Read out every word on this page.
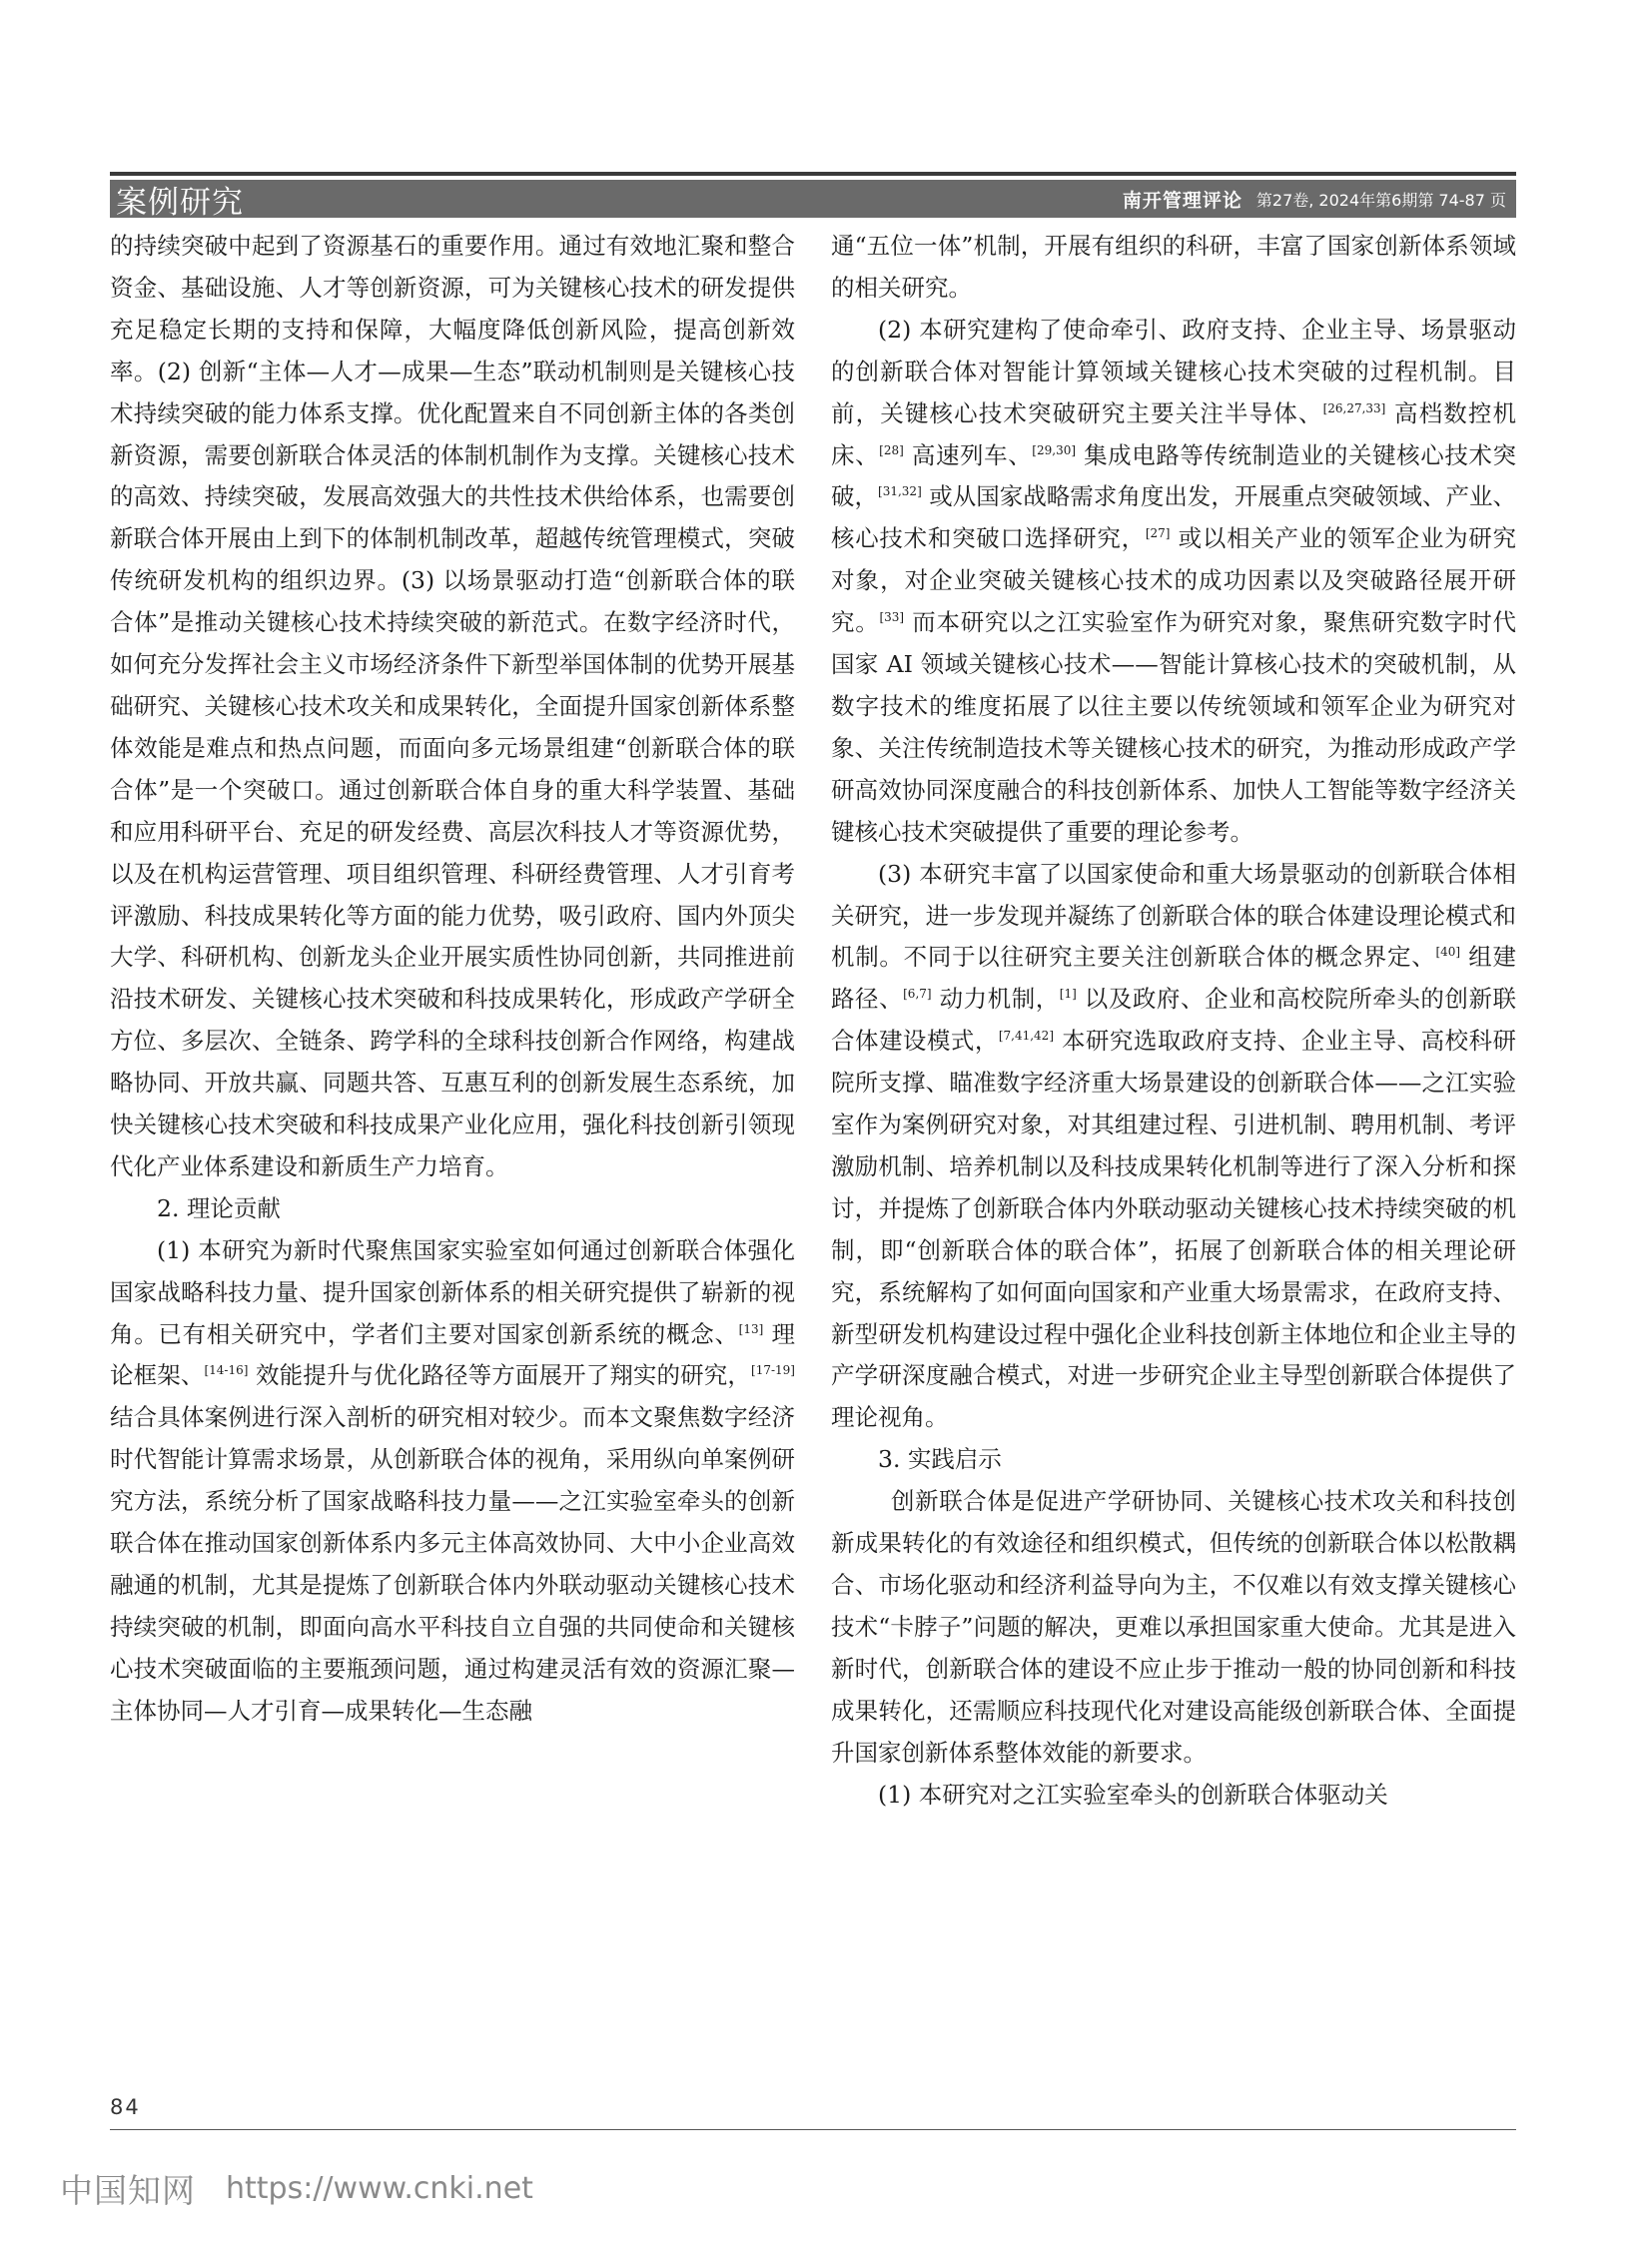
案例研究	南开管理评论 第27卷, 2024年第6期第 74-87 页

的持续突破中起到了资源基石的重要作用。通过有效地汇聚和整合资金、基础设施、人才等创新资源，可为关键核心技术的研发提供充足稳定长期的支持和保障，大幅度降低创新风险，提高创新效率。(2) 创新“主体—人才—成果—生态”联动机制则是关键核心技术持续突破的能力体系支撑。优化配置来自不同创新主体的各类创新资源，需要创新联合体灵活的体制机制作为支撑。关键核心技术的高效、持续突破，发展高效强大的共性技术供给体系，也需要创新联合体开展由上到下的体制机制改革，超越传统管理模式，突破传统研发机构的组织边界。(3) 以场景驱动打造“创新联合体的联合体”是推动关键核心技术持续突破的新范式。在数字经济时代，如何充分发挥社会主义市场经济条件下新型举国体制的优势开展基础研究、关键核心技术攻关和成果转化，全面提升国家创新体系整体效能是难点和热点问题，而面向多元场景组建“创新联合体的联合体”是一个突破口。通过创新联合体自身的重大科学装置、基础和应用科研平台、充足的研发经费、高层次科技人才等资源优势，以及在机构运营管理、项目组织管理、科研经费管理、人才引育考评激励、科技成果转化等方面的能力优势，吸引政府、国内外顶尖大学、科研机构、创新龙头企业开展实质性协同创新，共同推进前沿技术研发、关键核心技术突破和科技成果转化，形成政产学研全方位、多层次、全链条、跨学科的全球科技创新合作网络，构建战略协同、开放共赢、同题共答、互惠互利的创新发展生态系统，加快关键核心技术突破和科技成果产业化应用，强化科技创新引领现代化产业体系建设和新质生产力培育。

2. 理论贡献

(1) 本研究为新时代聚焦国家实验室如何通过创新联合体强化国家战略科技力量、提升国家创新体系的相关研究提供了崭新的视角。已有相关研究中，学者们主要对国家创新系统的概念、[13] 理论框架、[14-16] 效能提升与优化路径等方面展开了翔实的研究，[17-19] 结合具体案例进行深入剖析的研究相对较少。而本文聚焦数字经济时代智能计算需求场景，从创新联合体的视角，采用纵向单案例研究方法，系统分析了国家战略科技力量——之江实验室牵头的创新联合体在推动国家创新体系内多元主体高效协同、大中小企业高效融通的机制，尤其是提炼了创新联合体内外联动驱动关键核心技术持续突破的机制，即面向高水平科技自立自强的共同使命和关键核心技术突破面临的主要瓶颈问题，通过构建灵活有效的资源汇聚—主体协同—人才引育—成果转化—生态融

通“五位一体”机制，开展有组织的科研，丰富了国家创新体系领域的相关研究。

(2) 本研究建构了使命牵引、政府支持、企业主导、场景驱动的创新联合体对智能计算领域关键核心技术突破的过程机制。目前，关键核心技术突破研究主要关注半导体、[26,27,33] 高档数控机床、[28] 高速列车、[29,30] 集成电路等传统制造业的关键核心技术突破，[31,32] 或从国家战略需求角度出发，开展重点突破领域、产业、核心技术和突破口选择研究，[27] 或以相关产业的领军企业为研究对象，对企业突破关键核心技术的成功因素以及突破路径展开研究。[33] 而本研究以之江实验室作为研究对象，聚焦研究数字时代国家 AI 领域关键核心技术——智能计算核心技术的突破机制，从数字技术的维度拓展了以往主要以传统领域和领军企业为研究对象、关注传统制造技术等关键核心技术的研究，为推动形成政产学研高效协同深度融合的科技创新体系、加快人工智能等数字经济关键核心技术突破提供了重要的理论参考。

(3) 本研究丰富了以国家使命和重大场景驱动的创新联合体相关研究，进一步发现并凝练了创新联合体的联合体建设理论模式和机制。不同于以往研究主要关注创新联合体的概念界定、[40] 组建路径、[6,7] 动力机制，[1] 以及政府、企业和高校院所牵头的创新联合体建设模式，[7,41,42] 本研究选取政府支持、企业主导、高校科研院所支撑、瞄准数字经济重大场景建设的创新联合体——之江实验室作为案例研究对象，对其组建过程、引进机制、聘用机制、考评激励机制、培养机制以及科技成果转化机制等进行了深入分析和探讨，并提炼了创新联合体内外联动驱动关键核心技术持续突破的机制，即“创新联合体的联合体”，拓展了创新联合体的相关理论研究，系统解构了如何面向国家和产业重大场景需求，在政府支持、新型研发机构建设过程中强化企业科技创新主体地位和企业主导的产学研深度融合模式，对进一步研究企业主导型创新联合体提供了理论视角。

3. 实践启示

创新联合体是促进产学研协同、关键核心技术攻关和科技创新成果转化的有效途径和组织模式，但传统的创新联合体以松散耦合、市场化驱动和经济利益导向为主，不仅难以有效支撑关键核心技术“卡脖子”问题的解决，更难以承担国家重大使命。尤其是进入新时代，创新联合体的建设不应止步于推动一般的协同创新和科技成果转化，还需顺应科技现代化对建设高能级创新联合体、全面提升国家创新体系整体效能的新要求。

(1) 本研究对之江实验室牵头的创新联合体驱动关

84
中国知网 https://www.cnki.net
